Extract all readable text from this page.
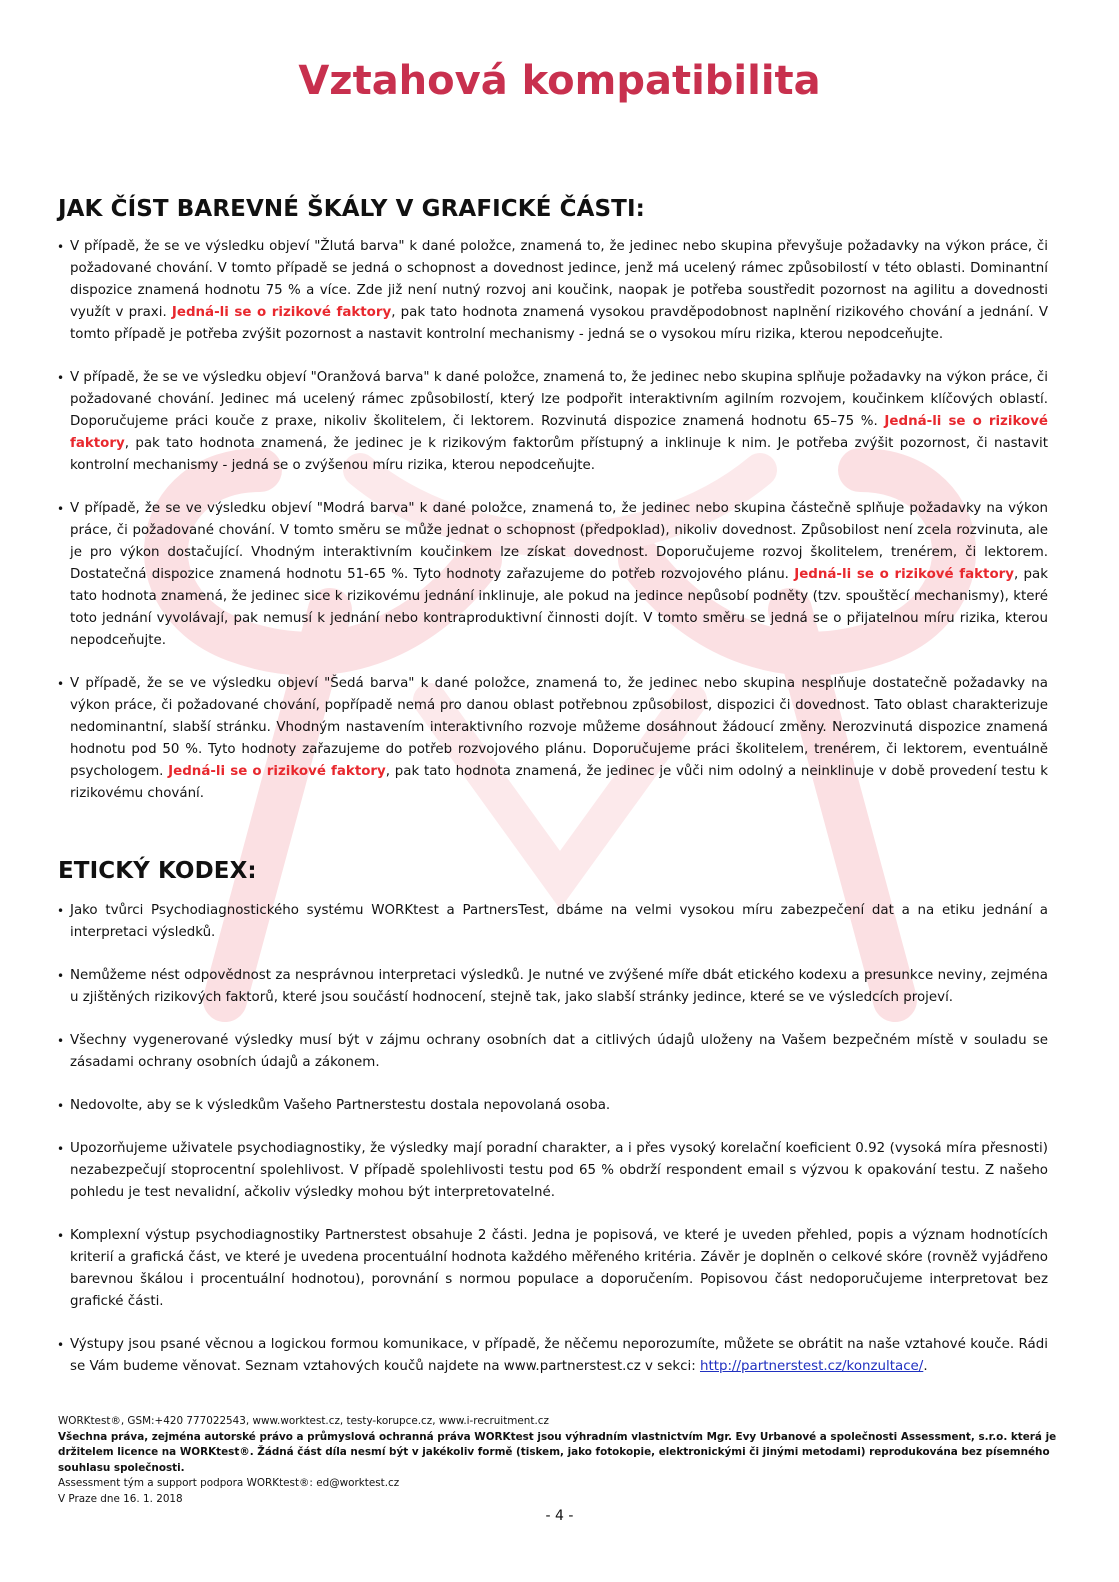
Vztahová kompatibilita
JAK ČÍST BAREVNÉ ŠKÁLY V GRAFICKÉ ČÁSTI:
• V případě, že se ve výsledku objeví "Žlutá barva" k dané položce, znamená to, že jedinec nebo skupina převyšuje požadavky na výkon práce, či požadované chování. V tomto případě se jedná o schopnost a dovednost jedince, jenž má ucelený rámec způsobilostí v této oblasti. Dominantní dispozice znamená hodnotu 75 % a více. Zde již není nutný rozvoj ani koučink, naopak je potřeba soustředit pozornost na agilitu a dovednosti využít v praxi. Jedná-li se o rizikové faktory, pak tato hodnota znamená vysokou pravděpodobnost naplnění rizikového chování a jednání. V tomto případě je potřeba zvýšit pozornost a nastavit kontrolní mechanismy - jedná se o vysokou míru rizika, kterou nepodceňujte.
• V případě, že se ve výsledku objeví "Oranžová barva" k dané položce, znamená to, že jedinec nebo skupina splňuje požadavky na výkon práce, či požadované chování. Jedinec má ucelený rámec způsobilostí, který lze podpořit interaktivním agilním rozvojem, koučinkem klíčových oblastí. Doporučujeme práci kouče z praxe, nikoliv školitelem, či lektorem. Rozvinutá dispozice znamená hodnotu 65–75 %. Jedná-li se o rizikové faktory, pak tato hodnota znamená, že jedinec je k rizikovým faktorům přístupný a inklinuje k nim. Je potřeba zvýšit pozornost, či nastavit kontrolní mechanismy - jedná se o zvýšenou míru rizika, kterou nepodceňujte.
• V případě, že se ve výsledku objeví "Modrá barva" k dané položce, znamená to, že jedinec nebo skupina částečně splňuje požadavky na výkon práce, či požadované chování. V tomto směru se může jednat o schopnost (předpoklad), nikoliv dovednost. Způsobilost není zcela rozvinuta, ale je pro výkon dostačující. Vhodným interaktivním koučinkem lze získat dovednost. Doporučujeme rozvoj školitelem, trenérem, či lektorem. Dostatečná dispozice znamená hodnotu 51-65 %. Tyto hodnoty zařazujeme do potřeb rozvojového plánu. Jedná-li se o rizikové faktory, pak tato hodnota znamená, že jedinec sice k rizikovému jednání inklinuje, ale pokud na jedince nepůsobí podněty (tzv. spouštěcí mechanismy), které toto jednání vyvolávají, pak nemusí k jednání nebo kontraproduktivní činnosti dojít. V tomto směru se jedná se o přijatelnou míru rizika, kterou nepodceňujte.
• V případě, že se ve výsledku objeví "Šedá barva" k dané položce, znamená to, že jedinec nebo skupina nesplňuje dostatečně požadavky na výkon práce, či požadované chování, popřípadě nemá pro danou oblast potřebnou způsobilost, dispozici či dovednost. Tato oblast charakterizuje nedominantní, slabší stránku. Vhodným nastavením interaktivního rozvoje můžeme dosáhnout žádoucí změny. Nerozvinutá dispozice znamená hodnotu pod 50 %. Tyto hodnoty zařazujeme do potřeb rozvojového plánu. Doporučujeme práci školitelem, trenérem, či lektorem, eventuálně psychologem. Jedná-li se o rizikové faktory, pak tato hodnota znamená, že jedinec je vůči nim odolný a neinklinuje v době provedení testu k rizikovému chování.
ETICKÝ KODEX:
• Jako tvůrci Psychodiagnostického systému WORKtest a PartnersTest, dbáme na velmi vysokou míru zabezpečení dat a na etiku jednání a interpretaci výsledků.
• Nemůžeme nést odpovědnost za nesprávnou interpretaci výsledků. Je nutné ve zvýšené míře dbát etického kodexu a presunkce neviny, zejména u zjištěných rizikových faktorů, které jsou součástí hodnocení, stejně tak, jako slabší stránky jedince, které se ve výsledcích projeví.
• Všechny vygenerované výsledky musí být v zájmu ochrany osobních dat a citlivých údajů uloženy na Vašem bezpečném místě v souladu se zásadami ochrany osobních údajů a zákonem.
• Nedovolte, aby se k výsledkům Vašeho Partnerstestu dostala nepovolaná osoba.
• Upozorňujeme uživatele psychodiagnostiky, že výsledky mají poradní charakter, a i přes vysoký korelační koeficient 0.92 (vysoká míra přesnosti) nezabezpečují stoprocentní spolehlivost. V případě spolehlivosti testu pod 65 % obdrží respondent email s výzvou k opakování testu. Z našeho pohledu je test nevalidní, ačkoliv výsledky mohou být interpretovatelné.
• Komplexní výstup psychodiagnostiky Partnerstest obsahuje 2 části. Jedna je popisová, ve které je uveden přehled, popis a význam hodnotících kriterií a grafická část, ve které je uvedena procentuální hodnota každého měřeného kritéria. Závěr je doplněn o celkové skóre (rovněž vyjádřeno barevnou škálou i procentuální hodnotou), porovnání s normou populace a doporučením. Popisovou část nedoporučujeme interpretovat bez grafické části.
• Výstupy jsou psané věcnou a logickou formou komunikace, v případě, že něčemu neporozumíte, můžete se obrátit na naše vztahové kouče. Rádi se Vám budeme věnovat. Seznam vztahových koučů najdete na www.partnerstest.cz v sekci: http://partnerstest.cz/konzultace/.
WORKtest®, GSM:+420 777022543, www.worktest.cz, testy-korupce.cz, www.i-recruitment.cz
Všechna práva, zejména autorské právo a průmyslová ochranná práva WORKtest jsou výhradním vlastnictvím Mgr. Evy Urbanové a společnosti Assessment, s.r.o. která je držitelem licence na WORKtest®. Žádná část díla nesmí být v jakékoliv formě (tiskem, jako fotokopie, elektronickými či jinými metodami) reprodukována bez písemného souhlasu společnosti.
Assessment tým a support podpora WORKtest®: ed@worktest.cz
V Praze dne 16. 1. 2018
- 4 -
